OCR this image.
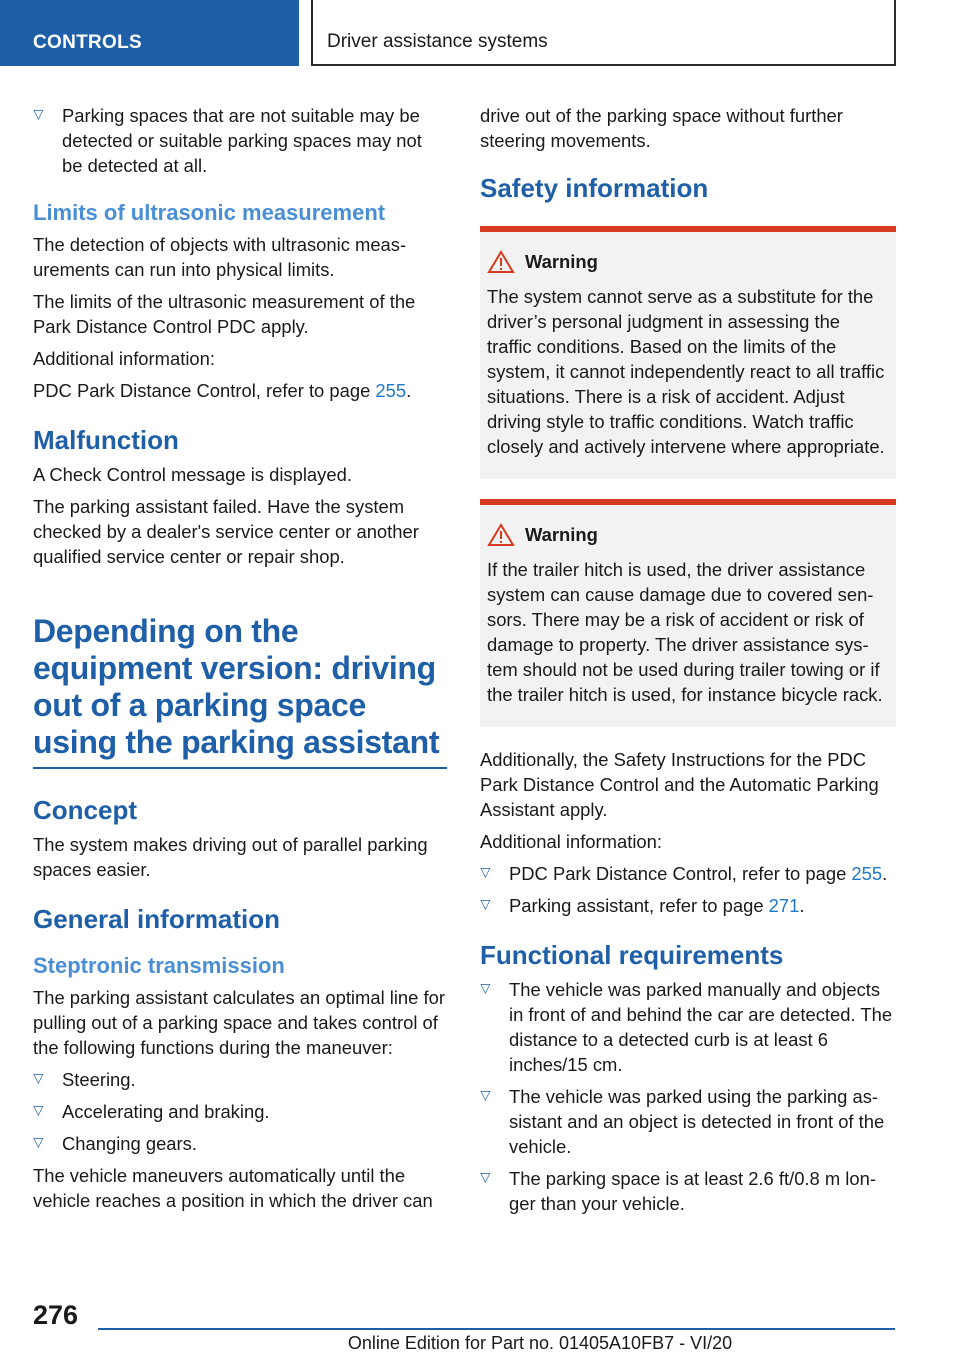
CONTROLS	Driver assistance systems
▷ Parking spaces that are not suitable may be detected or suitable parking spaces may not be detected at all.
Limits of ultrasonic measurement

The detection of objects with ultrasonic measurements can run into physical limits.

The limits of the ultrasonic measurement of the Park Distance Control PDC apply.

Additional information:

PDC Park Distance Control, refer to page 255.

Malfunction

A Check Control message is displayed.

The parking assistant failed. Have the system checked by a dealer's service center or another qualified service center or repair shop.

Depending on the equipment version: driving out of a parking space using the parking assistant
Concept

The system makes driving out of parallel parking spaces easier.

General information
Steptronic transmission

The parking assistant calculates an optimal line for pulling out of a parking space and takes control of the following functions during the maneuver:

▷ Steering.
▷ Accelerating and braking.
▷ Changing gears.

The vehicle maneuvers automatically until the vehicle reaches a position in which the driver can

drive out of the parking space without further steering movements.

Safety information
Warning

The system cannot serve as a substitute for the driver’s personal judgment in assessing the traffic conditions. Based on the limits of the system, it cannot independently react to all traffic situations. There is a risk of accident. Adjust driving style to traffic conditions. Watch traffic closely and actively intervene where appropriate.

Warning

If the trailer hitch is used, the driver assistance system can cause damage due to covered sensors. There may be a risk of accident or risk of damage to property. The driver assistance system should not be used during trailer towing or if the trailer hitch is used, for instance bicycle rack.

Additionally, the Safety Instructions for the PDC Park Distance Control and the Automatic Parking Assistant apply.

Additional information:

▷ PDC Park Distance Control, refer to page 255.
▷ Parking assistant, refer to page 271.
Functional requirements
▷ The vehicle was parked manually and objects in front of and behind the car are detected. The distance to a detected curb is at least 6 inches/15 cm.
▷ The vehicle was parked using the parking assistant and an object is detected in front of the vehicle.
▷ The parking space is at least 2.6 ft/0.8 m longer than your vehicle.
276
Online Edition for Part no. 01405A10FB7 - VI/20
